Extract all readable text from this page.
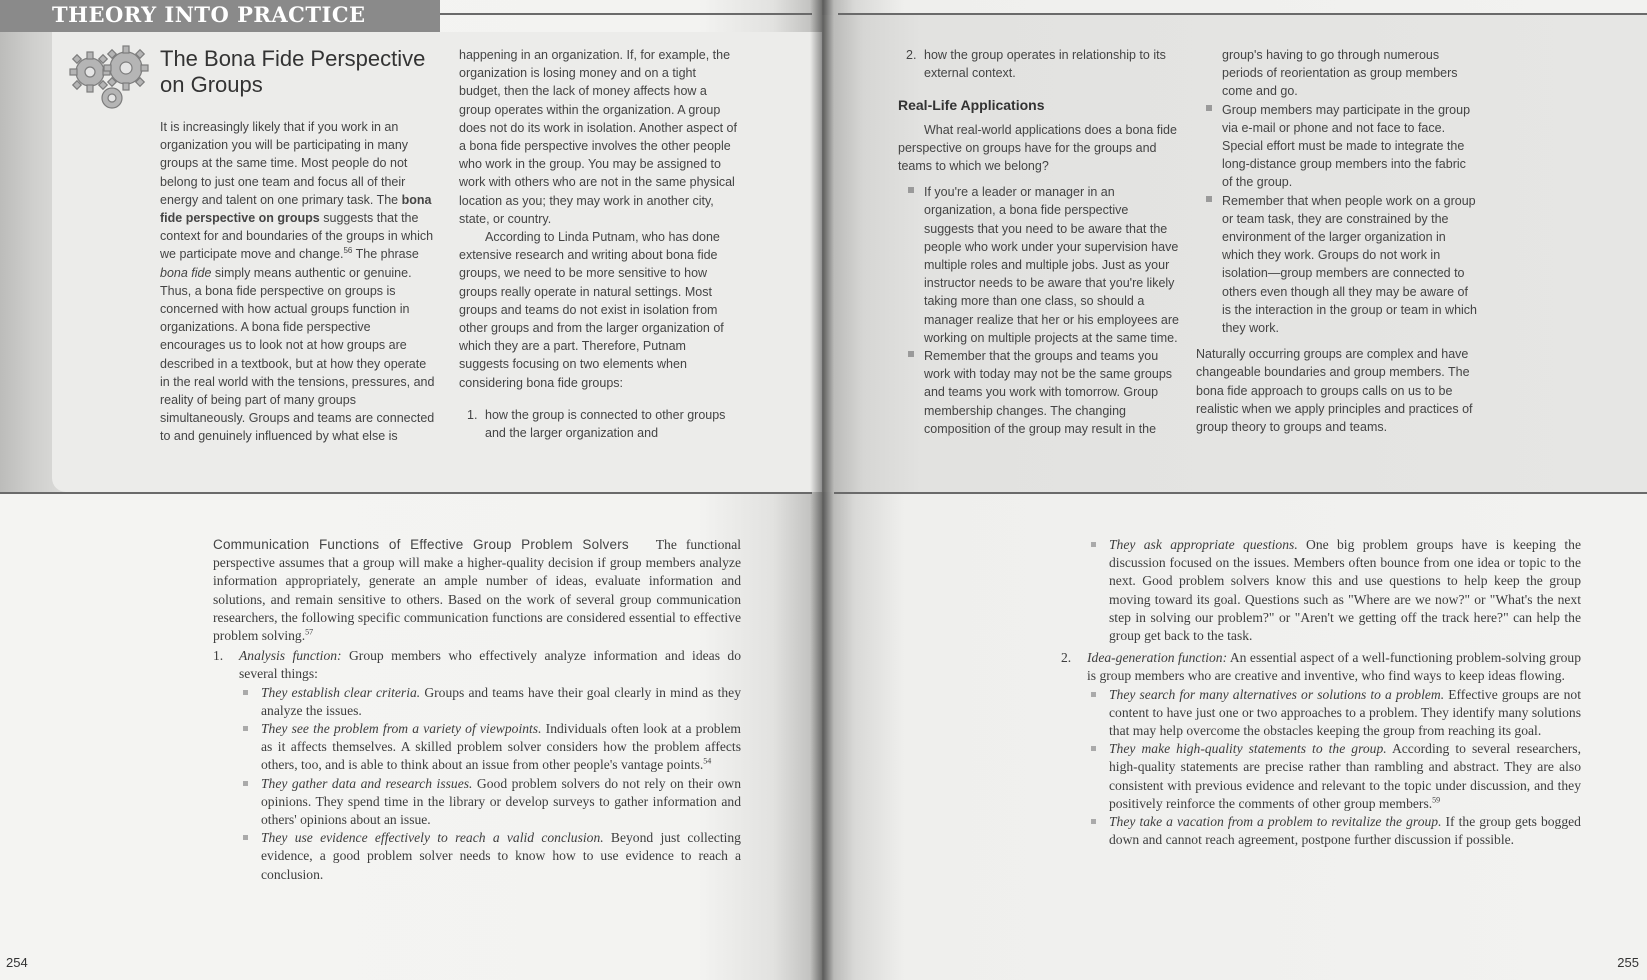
THEORY INTO PRACTICE
The Bona Fide Perspective on Groups

It is increasingly likely that if you work in an organization you will be participating in many groups at the same time. Most people do not belong to just one team and focus all of their energy and talent on one primary task. The bona fide perspective on groups suggests that the context for and boundaries of the groups in which we participate move and change.$^{56}$ The phrase bona fide simply means authentic or genuine. Thus, a bona fide perspective on groups is concerned with how actual groups function in organizations. A bona fide perspective encourages us to look not at how groups are described in a textbook, but at how they operate in the real world with the tensions, pressures, and reality of being part of many groups simultaneously. Groups and teams are connected to and genuinely influenced by what else is

happening in an organization. If, for example, the organization is losing money and on a tight budget, then the lack of money affects how a group operates within the organization. A group does not do its work in isolation. Another aspect of a bona fide perspective involves the other people who work in the group. You may be assigned to work with others who are not in the same physical location as you; they may work in another city, state, or country.

According to Linda Putnam, who has done extensive research and writing about bona fide groups, we need to be more sensitive to how groups really operate in natural settings. Most groups and teams do not exist in isolation from other groups and from the larger organization of which they are a part. Therefore, Putnam suggests focusing on two elements when considering bona fide groups:

1. how the group is connected to other groups and the larger organization and
2. how the group operates in relationship to its external context.
Real-Life Applications

What real-world applications does a bona fide perspective on groups have for the groups and teams to which we belong?

If you're a leader or manager in an organization, a bona fide perspective suggests that you need to be aware that the people who work under your supervision have multiple roles and multiple jobs. Just as your instructor needs to be aware that you're likely taking more than one class, so should a manager realize that her or his employees are working on multiple projects at the same time.
Remember that the groups and teams you work with today may not be the same groups and teams you work with tomorrow. Group membership changes. The changing composition of the group may result in the
group's having to go through numerous periods of reorientation as group members come and go.
Group members may participate in the group via e-mail or phone and not face to face. Special effort must be made to integrate the long-distance group members into the fabric of the group.
Remember that when people work on a group or team task, they are constrained by the environment of the larger organization in which they work. Groups do not work in isolation—group members are connected to others even though all they may be aware of is the interaction in the group or team in which they work.

Naturally occurring groups are complex and have changeable boundaries and group members. The bona fide approach to groups calls on us to be realistic when we apply principles and practices of group theory to groups and teams.

Communication Functions of Effective Group Problem Solvers The functional perspective assumes that a group will make a higher-quality decision if group members analyze information appropriately, generate an ample number of ideas, evaluate information and solutions, and remain sensitive to others. Based on the work of several group communication researchers, the following specific communication functions are considered essential to effective problem solving.$^{57}$

1. Analysis function: Group members who effectively analyze information and ideas do several things:

They establish clear criteria. Groups and teams have their goal clearly in mind as they analyze the issues.
They see the problem from a variety of viewpoints. Individuals often look at a problem as it affects themselves. A skilled problem solver considers how the problem affects others, too, and is able to think about an issue from other people's vantage points.$^{54}$
They gather data and research issues. Good problem solvers do not rely on their own opinions. They spend time in the library or develop surveys to gather information and others' opinions about an issue.
They use evidence effectively to reach a valid conclusion. Beyond just collecting evidence, a good problem solver needs to know how to use evidence to reach a conclusion.
They ask appropriate questions. One big problem groups have is keeping the discussion focused on the issues. Members often bounce from one idea or topic to the next. Good problem solvers know this and use questions to help keep the group moving toward its goal. Questions such as "Where are we now?" or "What's the next step in solving our problem?" or "Aren't we getting off the track here?" can help the group get back to the task.
2. Idea-generation function: An essential aspect of a well-functioning problem-solving group is group members who are creative and inventive, who find ways to keep ideas flowing.

They search for many alternatives or solutions to a problem. Effective groups are not content to have just one or two approaches to a problem. They identify many solutions that may help overcome the obstacles keeping the group from reaching its goal.
They make high-quality statements to the group. According to several researchers, high-quality statements are precise rather than rambling and abstract. They are also consistent with previous evidence and relevant to the topic under discussion, and they positively reinforce the comments of other group members.$^{59}$
They take a vacation from a problem to revitalize the group. If the group gets bogged down and cannot reach agreement, postpone further discussion if possible.
254	255
